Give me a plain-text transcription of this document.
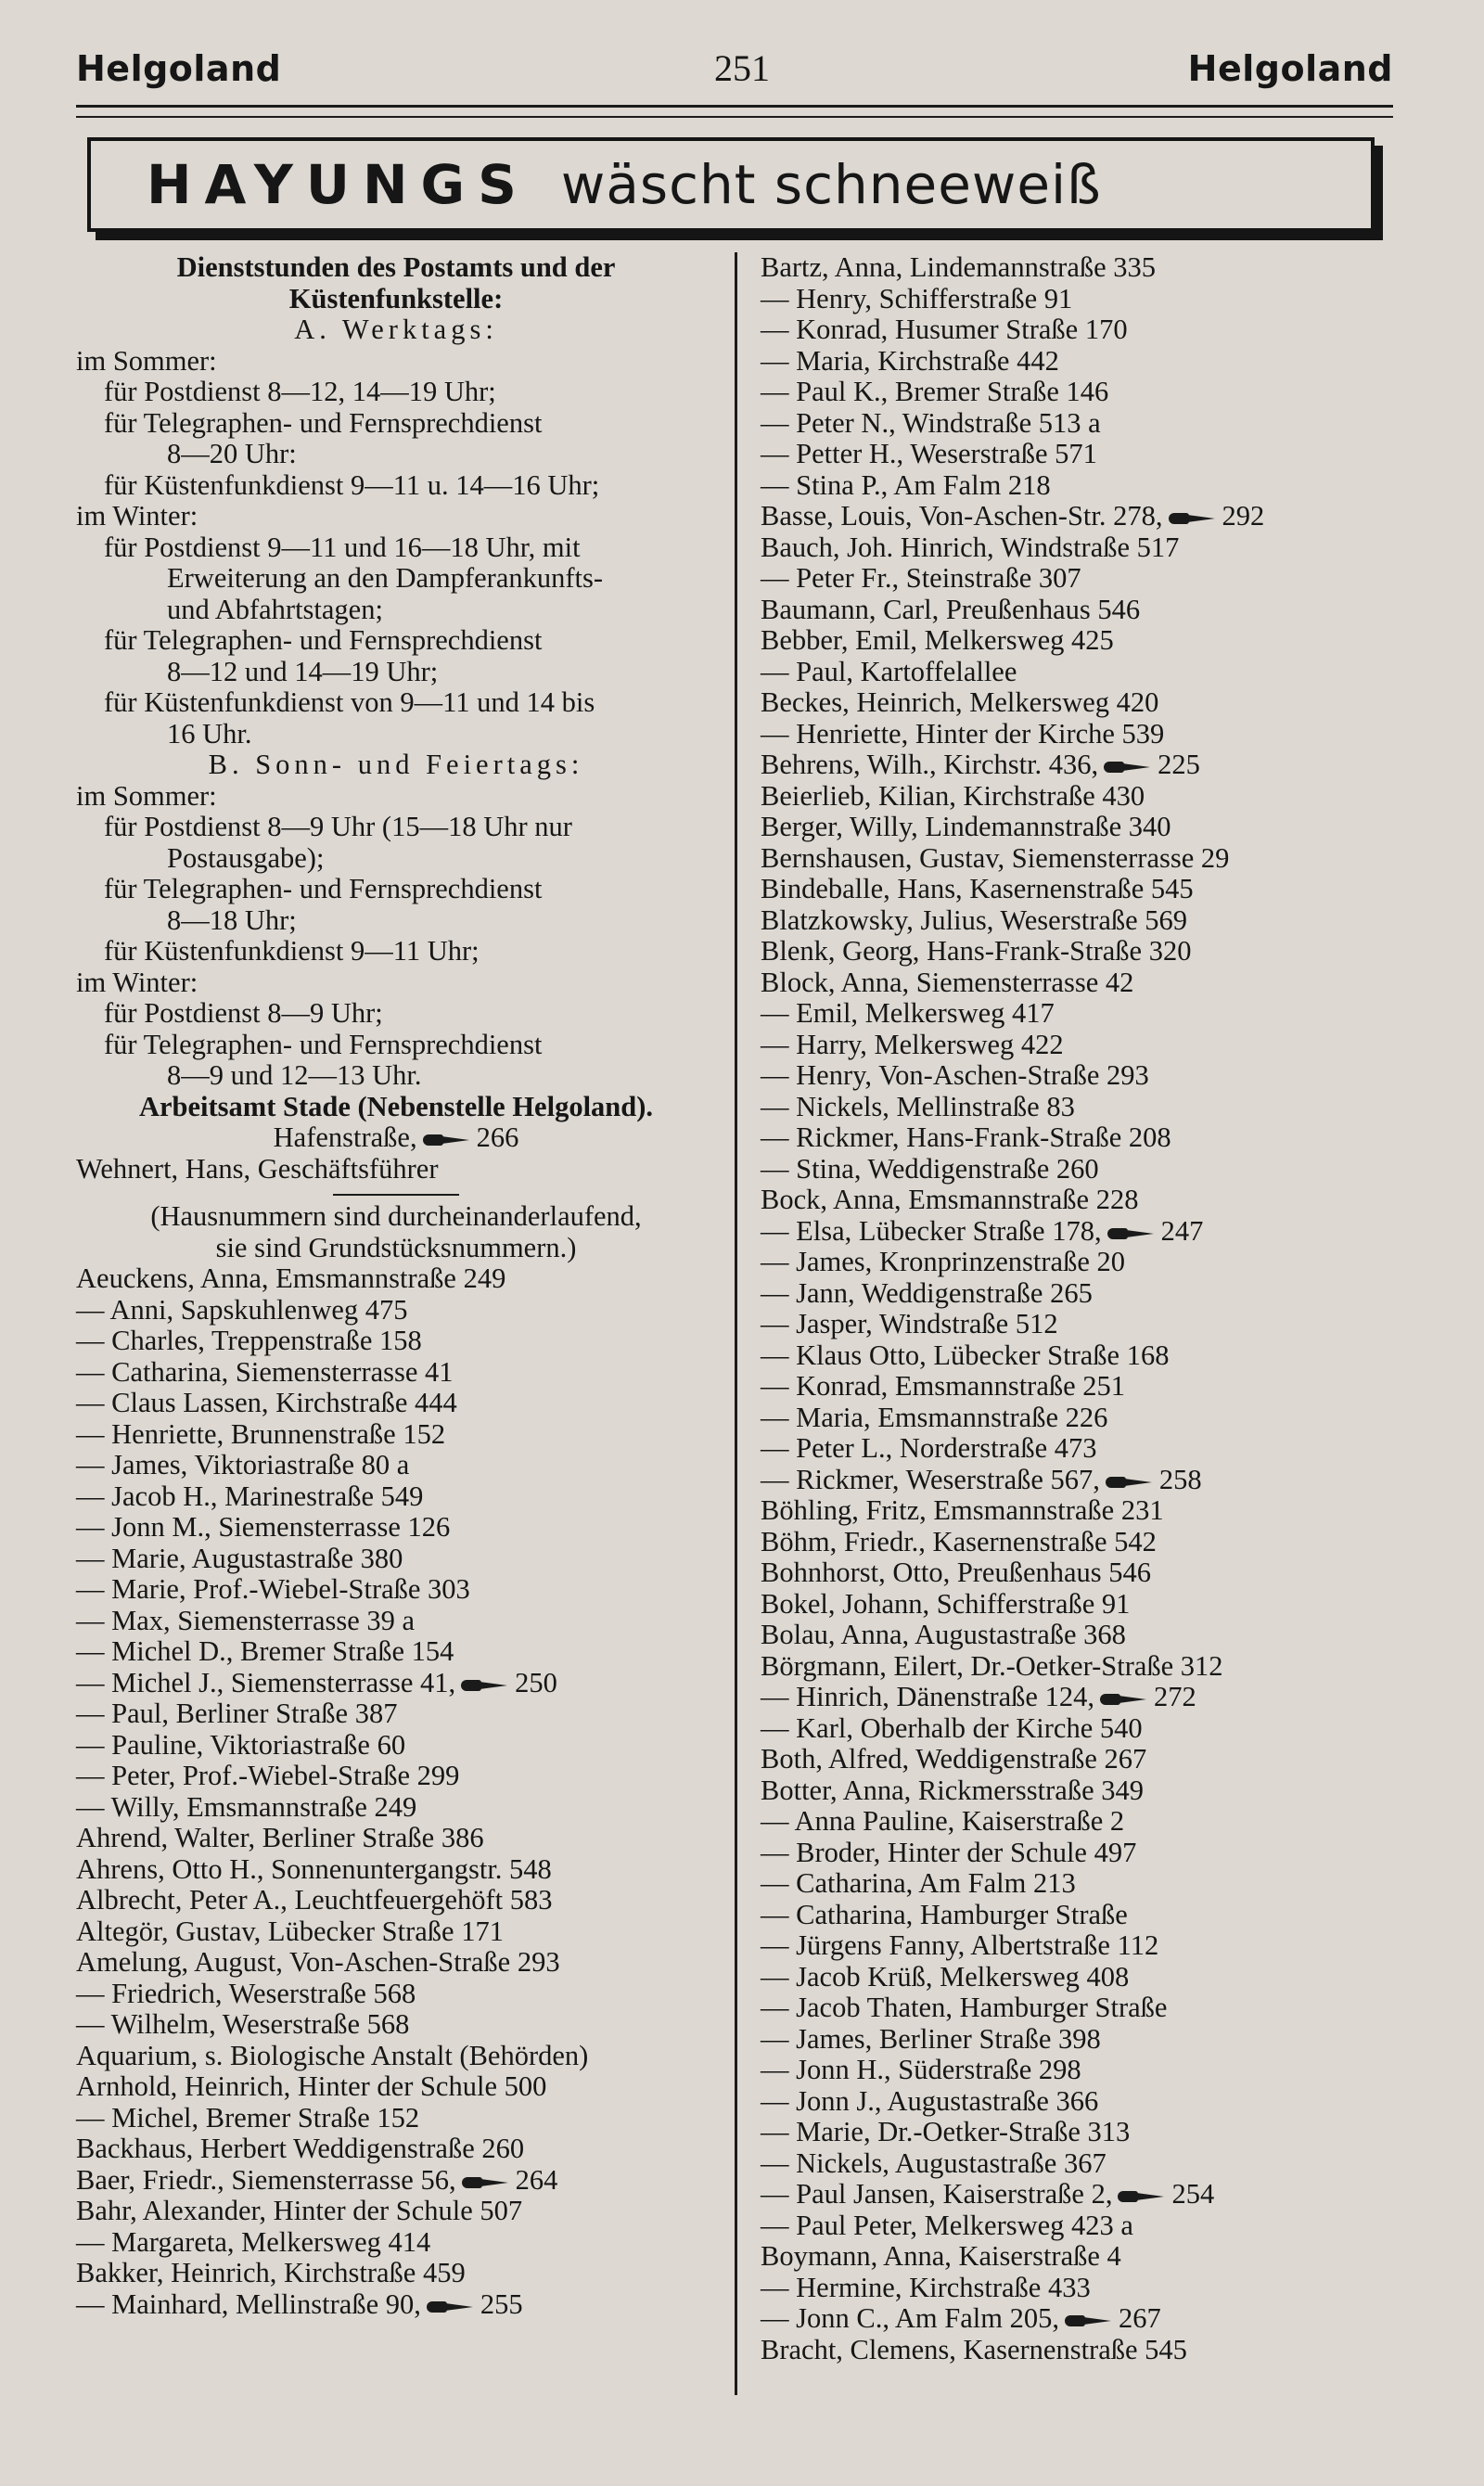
Helgoland	251	Helgoland
HAYUNGS wäscht schneeweiß
Dienststunden des Postamts und der
Küstenfunkstelle:
A. Werktags:
im Sommer:
für Postdienst 8—12, 14—19 Uhr;
für Telegraphen- und Fernsprechdienst
8—20 Uhr:
für Küstenfunkdienst 9—11 u. 14—16 Uhr;
im Winter:
für Postdienst 9—11 und 16—18 Uhr, mit
Erweiterung an den Dampferankunfts-
und Abfahrtstagen;
für Telegraphen- und Fernsprechdienst
8—12 und 14—19 Uhr;
für Küstenfunkdienst von 9—11 und 14 bis
16 Uhr.
B. Sonn- und Feiertags:
im Sommer:
für Postdienst 8—9 Uhr (15—18 Uhr nur
Postausgabe);
für Telegraphen- und Fernsprechdienst
8—18 Uhr;
für Küstenfunkdienst 9—11 Uhr;
im Winter:
für Postdienst 8—9 Uhr;
für Telegraphen- und Fernsprechdienst
8—9 und 12—13 Uhr.
Arbeitsamt Stade (Nebenstelle Helgoland).
Hafenstraße, 266
Wehnert, Hans, Geschäftsführer
(Hausnummern sind durcheinanderlaufend,
sie sind Grundstücksnummern.)
Aeuckens, Anna, Emsmannstraße 249
— Anni, Sapskuhlenweg 475
— Charles, Treppenstraße 158
— Catharina, Siemensterrasse 41
— Claus Lassen, Kirchstraße 444
— Henriette, Brunnenstraße 152
— James, Viktoriastraße 80 a
— Jacob H., Marinestraße 549
— Jonn M., Siemensterrasse 126
— Marie, Augustastraße 380
— Marie, Prof.-Wiebel-Straße 303
— Max, Siemensterrasse 39 a
— Michel D., Bremer Straße 154
— Michel J., Siemensterrasse 41, 250
— Paul, Berliner Straße 387
— Pauline, Viktoriastraße 60
— Peter, Prof.-Wiebel-Straße 299
— Willy, Emsmannstraße 249
Ahrend, Walter, Berliner Straße 386
Ahrens, Otto H., Sonnenuntergangstr. 548
Albrecht, Peter A., Leuchtfeuergehöft 583
Altegör, Gustav, Lübecker Straße 171
Amelung, August, Von-Aschen-Straße 293
— Friedrich, Weserstraße 568
— Wilhelm, Weserstraße 568
Aquarium, s. Biologische Anstalt (Behörden)
Arnhold, Heinrich, Hinter der Schule 500
— Michel, Bremer Straße 152
Backhaus, Herbert Weddigenstraße 260
Baer, Friedr., Siemensterrasse 56, 264
Bahr, Alexander, Hinter der Schule 507
— Margareta, Melkersweg 414
Bakker, Heinrich, Kirchstraße 459
— Mainhard, Mellinstraße 90, 255
Bartz, Anna, Lindemannstraße 335
— Henry, Schifferstraße 91
— Konrad, Husumer Straße 170
— Maria, Kirchstraße 442
— Paul K., Bremer Straße 146
— Peter N., Windstraße 513 a
— Petter H., Weserstraße 571
— Stina P., Am Falm 218
Basse, Louis, Von-Aschen-Str. 278, 292
Bauch, Joh. Hinrich, Windstraße 517
— Peter Fr., Steinstraße 307
Baumann, Carl, Preußenhaus 546
Bebber, Emil, Melkersweg 425
— Paul, Kartoffelallee
Beckes, Heinrich, Melkersweg 420
— Henriette, Hinter der Kirche 539
Behrens, Wilh., Kirchstr. 436, 225
Beierlieb, Kilian, Kirchstraße 430
Berger, Willy, Lindemannstraße 340
Bernshausen, Gustav, Siemensterrasse 29
Bindeballe, Hans, Kasernenstraße 545
Blatzkowsky, Julius, Weserstraße 569
Blenk, Georg, Hans-Frank-Straße 320
Block, Anna, Siemensterrasse 42
— Emil, Melkersweg 417
— Harry, Melkersweg 422
— Henry, Von-Aschen-Straße 293
— Nickels, Mellinstraße 83
— Rickmer, Hans-Frank-Straße 208
— Stina, Weddigenstraße 260
Bock, Anna, Emsmannstraße 228
— Elsa, Lübecker Straße 178, 247
— James, Kronprinzenstraße 20
— Jann, Weddigenstraße 265
— Jasper, Windstraße 512
— Klaus Otto, Lübecker Straße 168
— Konrad, Emsmannstraße 251
— Maria, Emsmannstraße 226
— Peter L., Norderstraße 473
— Rickmer, Weserstraße 567, 258
Böhling, Fritz, Emsmannstraße 231
Böhm, Friedr., Kasernenstraße 542
Bohnhorst, Otto, Preußenhaus 546
Bokel, Johann, Schifferstraße 91
Bolau, Anna, Augustastraße 368
Börgmann, Eilert, Dr.-Oetker-Straße 312
— Hinrich, Dänenstraße 124, 272
— Karl, Oberhalb der Kirche 540
Both, Alfred, Weddigenstraße 267
Botter, Anna, Rickmersstraße 349
— Anna Pauline, Kaiserstraße 2
— Broder, Hinter der Schule 497
— Catharina, Am Falm 213
— Catharina, Hamburger Straße
— Jürgens Fanny, Albertstraße 112
— Jacob Krüß, Melkersweg 408
— Jacob Thaten, Hamburger Straße
— James, Berliner Straße 398
— Jonn H., Süderstraße 298
— Jonn J., Augustastraße 366
— Marie, Dr.-Oetker-Straße 313
— Nickels, Augustastraße 367
— Paul Jansen, Kaiserstraße 2, 254
— Paul Peter, Melkersweg 423 a
Boymann, Anna, Kaiserstraße 4
— Hermine, Kirchstraße 433
— Jonn C., Am Falm 205, 267
Bracht, Clemens, Kasernenstraße 545
